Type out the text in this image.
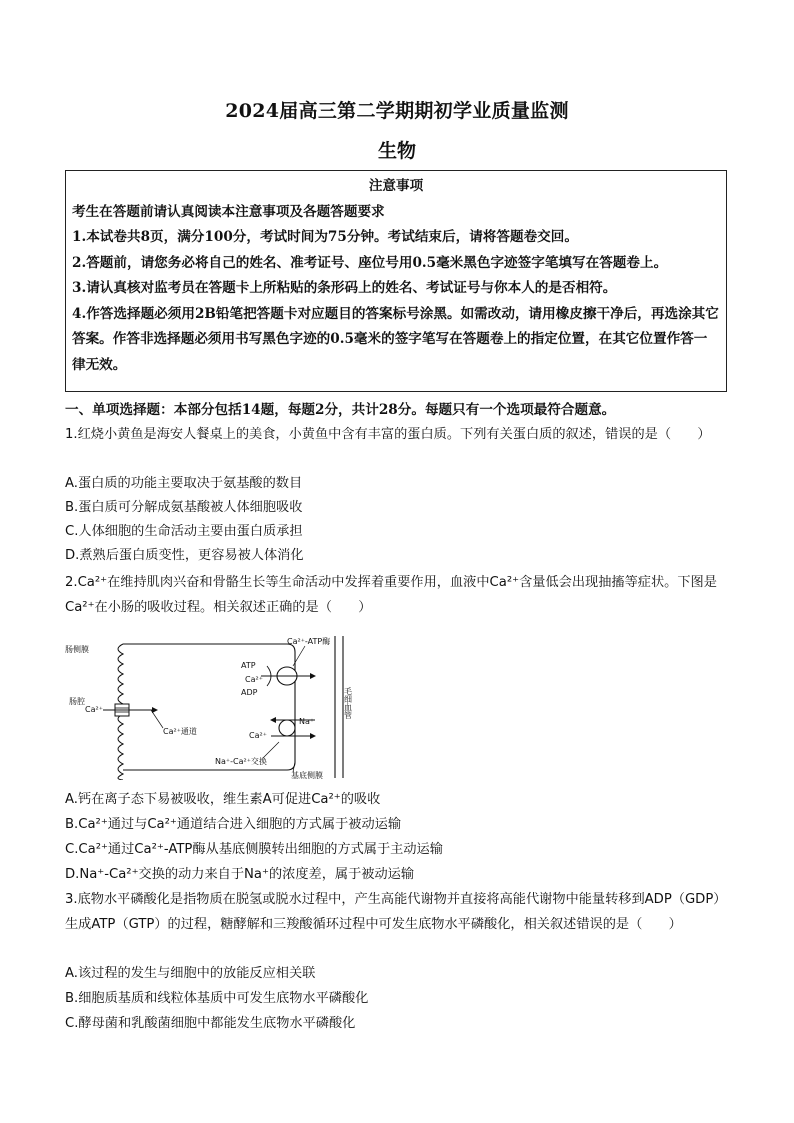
2024届高三第二学期期初学业质量监测
生物
注意事项

考生在答题前请认真阅读本注意事项及各题答题要求

1.本试卷共8页，满分100分，考试时间为75分钟。考试结束后，请将答题卷交回。

2.答题前，请您务必将自己的姓名、准考证号、座位号用0.5毫米黑色字迹签字笔填写在答题卷上。

3.请认真核对监考员在答题卡上所粘贴的条形码上的姓名、考试证号与你本人的是否相符。

4.作答选择题必须用2B铅笔把答题卡对应题目的答案标号涂黑。如需改动，请用橡皮擦干净后，再选涂其它答案。作答非选择题必须用书写黑色字迹的0.5毫米的签字笔写在答题卷上的指定位置，在其它位置作答一律无效。

一、单项选择题：本部分包括14题，每题2分，共计28分。每题只有一个选项最符合题意。

1.红烧小黄鱼是海安人餐桌上的美食，小黄鱼中含有丰富的蛋白质。下列有关蛋白质的叙述，错误的是（　　）

A.蛋白质的功能主要取决于氨基酸的数目
B.蛋白质可分解成氨基酸被人体细胞吸收
C.人体细胞的生命活动主要由蛋白质承担
D.煮熟后蛋白质变性，更容易被人体消化

2.Ca²⁺在维持肌肉兴奋和骨骼生长等生命活动中发挥着重要作用，血液中Ca²⁺含量低会出现抽搐等症状。下图是Ca²⁺在小肠的吸收过程。相关叙述正确的是（　　）

毛细血管
肠侧膜
肠腔
Ca²⁺
Ca²⁺通道
Ca²⁺-ATP酶
ATP
Ca²⁺
ADP
Na⁺
Ca²⁺
Na⁺-Ca²⁺交换
基底侧膜
A.钙在离子态下易被吸收，维生素A可促进Ca²⁺的吸收
B.Ca²⁺通过与Ca²⁺通道结合进入细胞的方式属于被动运输
C.Ca²⁺通过Ca²⁺-ATP酶从基底侧膜转出细胞的方式属于主动运输
D.Na⁺-Ca²⁺交换的动力来自于Na⁺的浓度差，属于被动运输

3.底物水平磷酸化是指物质在脱氢或脱水过程中，产生高能代谢物并直接将高能代谢物中能量转移到ADP（GDP）生成ATP（GTP）的过程，糖酵解和三羧酸循环过程中可发生底物水平磷酸化，相关叙述错误的是（　　）

A.该过程的发生与细胞中的放能反应相关联
B.细胞质基质和线粒体基质中可发生底物水平磷酸化
C.酵母菌和乳酸菌细胞中都能发生底物水平磷酸化
